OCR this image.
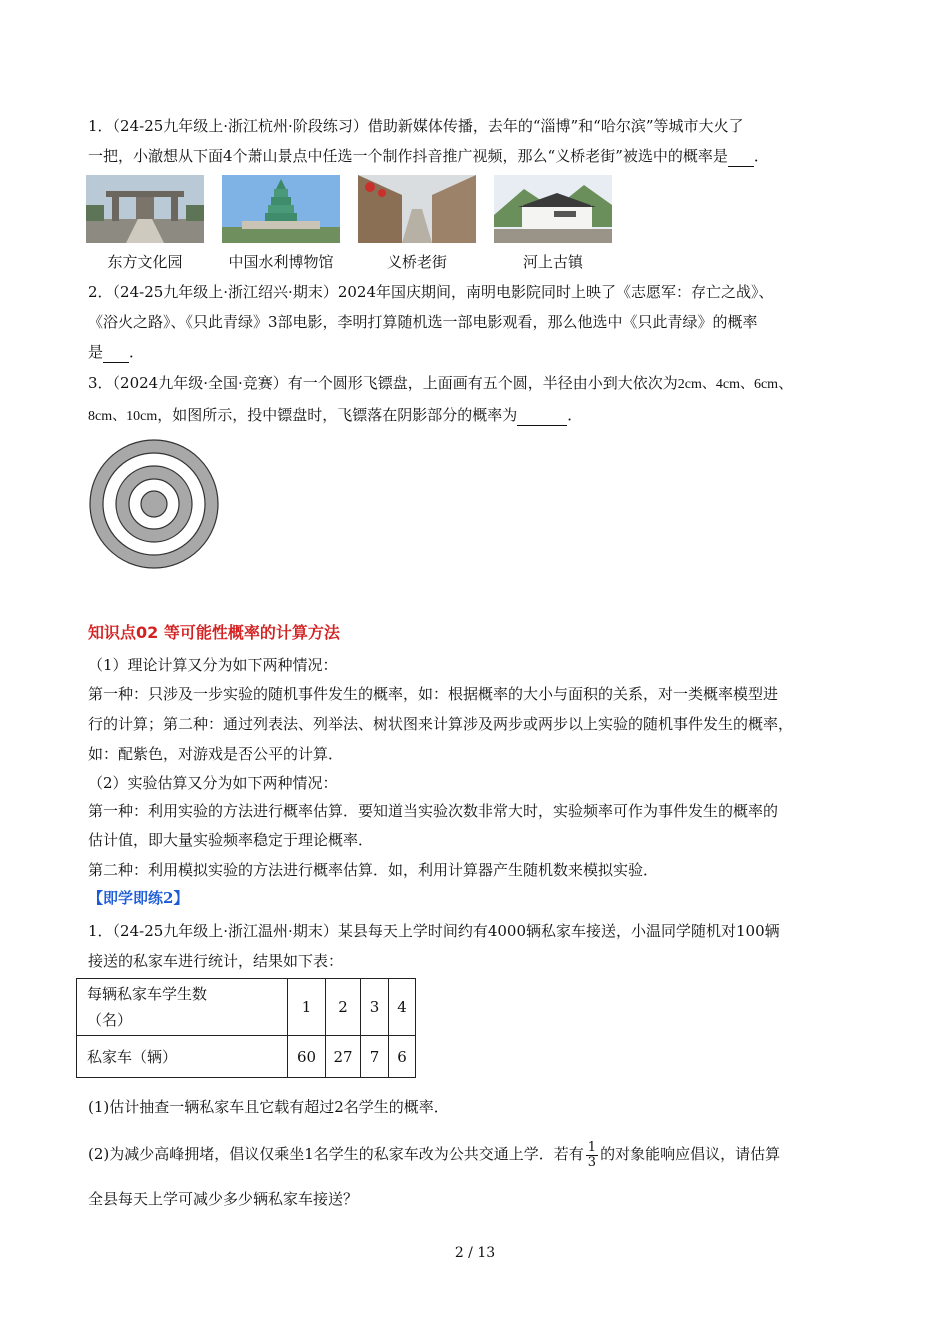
1．（24-25九年级上·浙江杭州·阶段练习）借助新媒体传播，去年的“淄博”和“哈尔滨”等城市大火了
一把，小澈想从下面4个萧山景点中任选一个制作抖音推广视频，那么“义桥老街”被选中的概率是 ．
东方文化园	中国水利博物馆	义桥老街	河上古镇
2．（24-25九年级上·浙江绍兴·期末）2024年国庆期间，南明电影院同时上映了《志愿军：存亡之战》、
《浴火之路》、《只此青绿》3部电影，李明打算随机选一部电影观看，那么他选中《只此青绿》的概率
是 ．
3．（2024九年级·全国·竞赛）有一个圆形飞镖盘，上面画有五个圆，半径由小到大依次为2cm、4cm、6cm、
8cm、10cm，如图所示，投中镖盘时，飞镖落在阴影部分的概率为	．
知识点02 等可能性概率的计算方法
（1）理论计算又分为如下两种情况：
第一种：只涉及一步实验的随机事件发生的概率，如：根据概率的大小与面积的关系，对一类概率模型进
行的计算；第二种：通过列表法、列举法、树状图来计算涉及两步或两步以上实验的随机事件发生的概率，
如：配紫色，对游戏是否公平的计算．
（2）实验估算又分为如下两种情况：
第一种：利用实验的方法进行概率估算．要知道当实验次数非常大时，实验频率可作为事件发生的概率的
估计值，即大量实验频率稳定于理论概率．
第二种：利用模拟实验的方法进行概率估算．如，利用计算器产生随机数来模拟实验．
【即学即练2】
1．（24-25九年级上·浙江温州·期末）某县每天上学时间约有4000辆私家车接送，小温同学随机对100辆
接送的私家车进行统计，结果如下表：
每辆私家车学生数
（名）	1	2	3	4
私家车（辆）	60	27	7	6
(1)估计抽查一辆私家车且它载有超过2名学生的概率．
(2)为减少高峰拥堵，倡议仅乘坐1名学生的私家车改为公共交通上学．若有 $\frac{1}{3}$ 的对象能响应倡议，请估算
全县每天上学可减少多少辆私家车接送？
2 / 13
